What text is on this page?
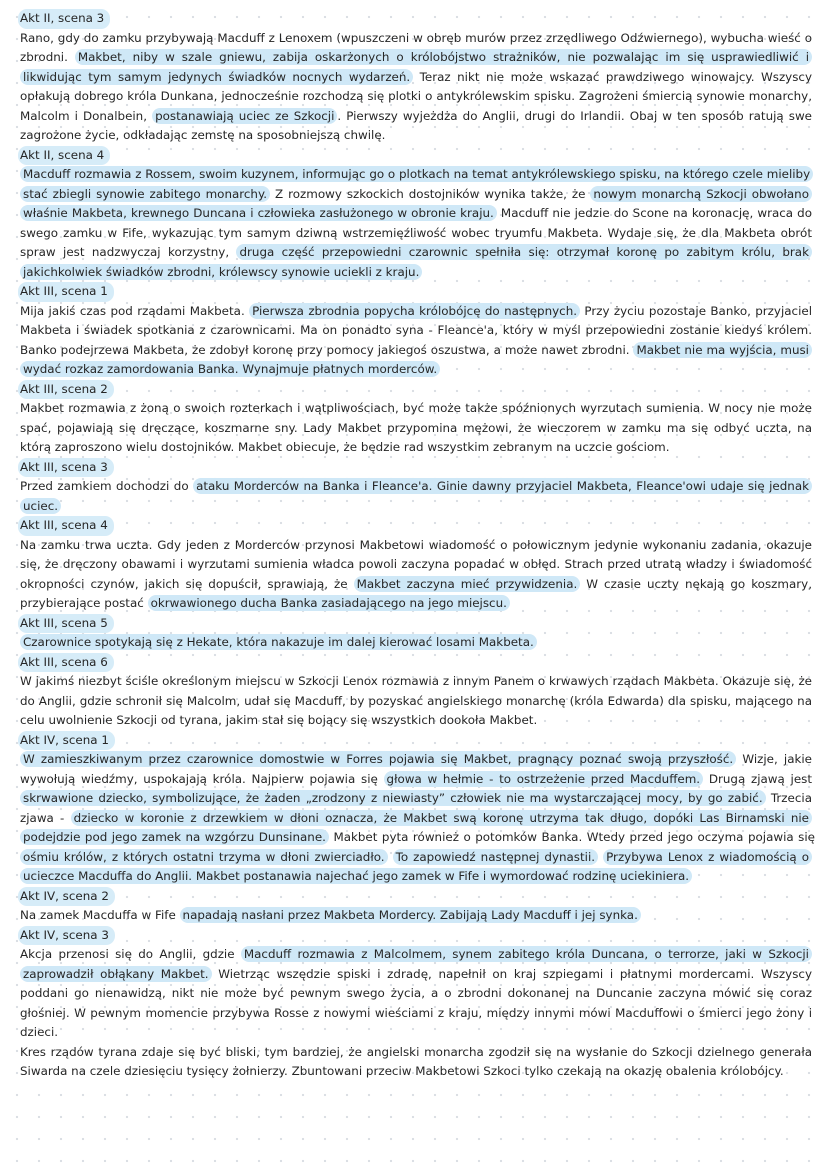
Akt II, scena 3

Rano, gdy do zamku przybywają Macduff z Lenoxem (wpuszczeni w obręb murów przez zrzędliwego Odźwiernego), wybucha wieść o zbrodni. Makbet, niby w szale gniewu, zabija oskarżonych o królobójstwo strażników, nie pozwalając im się usprawiedliwić i likwidując tym samym jedynych świadków nocnych wydarzeń. Teraz nikt nie może wskazać prawdziwego winowajcy. Wszyscy opłakują dobrego króla Dunkana, jednocześnie rozchodzą się plotki o antykrólewskim spisku. Zagrożeni śmiercią synowie monarchy, Malcolm i Donalbein, postanawiają uciec ze Szkocji . Pierwszy wyjeżdża do Anglii, drugi do Irlandii. Obaj w ten sposób ratują swe zagrożone życie, odkładając zemstę na sposobniejszą chwilę.

Akt II, scena 4

Macduff rozmawia z Rossem, swoim kuzynem, informując go o plotkach na temat antykrólewskiego spisku, na którego czele mieliby stać zbiegli synowie zabitego monarchy. Z rozmowy szkockich dostojników wynika także, że nowym monarchą Szkocji obwołano właśnie Makbeta, krewnego Duncana i człowieka zasłużonego w obronie kraju. Macduff nie jedzie do Scone na koronację, wraca do swego zamku w Fife, wykazując tym samym dziwną wstrzemięźliwość wobec tryumfu Makbeta. Wydaje się, że dla Makbeta obrót spraw jest nadzwyczaj korzystny, druga część przepowiedni czarownic spełniła się: otrzymał koronę po zabitym królu, brak jakichkolwiek świadków zbrodni, królewscy synowie uciekli z kraju.

Akt III, scena 1

Mija jakiś czas pod rządami Makbeta. Pierwsza zbrodnia popycha królobójcę do następnych. Przy życiu pozostaje Banko, przyjaciel Makbeta i świadek spotkania z czarownicami. Ma on ponadto syna - Fleance'a, który w myśl przepowiedni zostanie kiedyś królem. Banko podejrzewa Makbeta, że zdobył koronę przy pomocy jakiegoś oszustwa, a może nawet zbrodni. Makbet nie ma wyjścia, musi wydać rozkaz zamordowania Banka. Wynajmuje płatnych morderców.

Akt III, scena 2

Makbet rozmawia z żoną o swoich rozterkach i wątpliwościach, być może także spóźnionych wyrzutach sumienia. W nocy nie może spać, pojawiają się dręczące, koszmarne sny. Lady Makbet przypomina mężowi, że wieczorem w zamku ma się odbyć uczta, na którą zaproszono wielu dostojników. Makbet obiecuje, że będzie rad wszystkim zebranym na uczcie gościom.

Akt III, scena 3

Przed zamkiem dochodzi do ataku Morderców na Banka i Fleance'a. Ginie dawny przyjaciel Makbeta, Fleance'owi udaje się jednak uciec.

Akt III, scena 4

Na zamku trwa uczta. Gdy jeden z Morderców przynosi Makbetowi wiadomość o połowicznym jedynie wykonaniu zadania, okazuje się, że dręczony obawami i wyrzutami sumienia władca powoli zaczyna popadać w obłęd. Strach przed utratą władzy i świadomość okropności czynów, jakich się dopuścił, sprawiają, że Makbet zaczyna mieć przywidzenia. W czasie uczty nękają go koszmary, przybierające postać okrwawionego ducha Banka zasiadającego na jego miejscu.

Akt III, scena 5

Czarownice spotykają się z Hekate, która nakazuje im dalej kierować losami Makbeta.

Akt III, scena 6

W jakimś niezbyt ściśle określonym miejscu w Szkocji Lenox rozmawia z innym Panem o krwawych rządach Makbeta. Okazuje się, że do Anglii, gdzie schronił się Malcolm, udał się Macduff, by pozyskać angielskiego monarchę (króla Edwarda) dla spisku, mającego na celu uwolnienie Szkocji od tyrana, jakim stał się bojący się wszystkich dookoła Makbet.

Akt IV, scena 1

W zamieszkiwanym przez czarownice domostwie w Forres pojawia się Makbet, pragnący poznać swoją przyszłość. Wizje, jakie wywołują wiedźmy, uspokajają króla. Najpierw pojawia się głowa w hełmie - to ostrzeżenie przed Macduffem. Drugą zjawą jest skrwawione dziecko, symbolizujące, że żaden „zrodzony z niewiasty” człowiek nie ma wystarczającej mocy, by go zabić. Trzecia zjawa - dziecko w koronie z drzewkiem w dłoni oznacza, że Makbet swą koronę utrzyma tak długo, dopóki Las Birnamski nie podejdzie pod jego zamek na wzgórzu Dunsinane. Makbet pyta również o potomków Banka. Wtedy przed jego oczyma pojawia się ośmiu królów, z których ostatni trzyma w dłoni zwierciadło. To zapowiedź następnej dynastii. Przybywa Lenox z wiadomością o ucieczce Macduffa do Anglii. Makbet postanawia najechać jego zamek w Fife i wymordować rodzinę uciekiniera.

Akt IV, scena 2

Na zamek Macduffa w Fife napadają nasłani przez Makbeta Mordercy. Zabijają Lady Macduff i jej synka.

Akt IV, scena 3

Akcja przenosi się do Anglii, gdzie Macduff rozmawia z Malcolmem, synem zabitego króla Duncana, o terrorze, jaki w Szkocji zaprowadził obłąkany Makbet. Wietrząc wszędzie spiski i zdradę, napełnił on kraj szpiegami i płatnymi mordercami. Wszyscy poddani go nienawidzą, nikt nie może być pewnym swego życia, a o zbrodni dokonanej na Duncanie zaczyna mówić się coraz głośniej. W pewnym momencie przybywa Rosse z nowymi wieściami z kraju, między innymi mówi Macduffowi o śmierci jego żony i dzieci.
Kres rządów tyrana zdaje się być bliski, tym bardziej, że angielski monarcha zgodził się na wysłanie do Szkocji dzielnego generała Siwarda na czele dziesięciu tysięcy żołnierzy. Zbuntowani przeciw Makbetowi Szkoci tylko czekają na okazję obalenia królobójcy.
